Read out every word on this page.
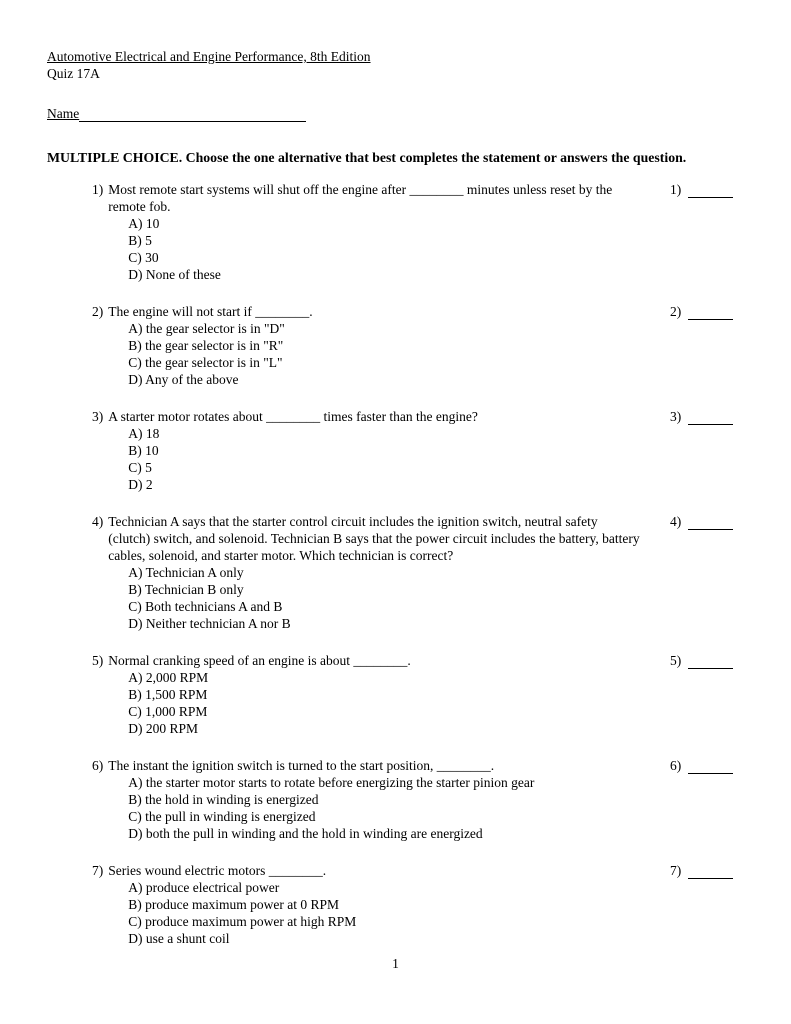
Automotive Electrical and Engine Performance, 8th Edition
Quiz 17A
Name
MULTIPLE CHOICE. Choose the one alternative that best completes the statement or answers the question.
1) Most remote start systems will shut off the engine after ________ minutes unless reset by the remote fob.
A) 10
B) 5
C) 30
D) None of these
1)
2) The engine will not start if ________.
A) the gear selector is in "D"
B) the gear selector is in "R"
C) the gear selector is in "L"
D) Any of the above
2)
3) A starter motor rotates about ________ times faster than the engine?
A) 18
B) 10
C) 5
D) 2
3)
4) Technician A says that the starter control circuit includes the ignition switch, neutral safety (clutch) switch, and solenoid. Technician B says that the power circuit includes the battery, battery cables, solenoid, and starter motor. Which technician is correct?
A) Technician A only
B) Technician B only
C) Both technicians A and B
D) Neither technician A nor B
4)
5) Normal cranking speed of an engine is about ________.
A) 2,000 RPM
B) 1,500 RPM
C) 1,000 RPM
D) 200 RPM
5)
6) The instant the ignition switch is turned to the start position, ________.
A) the starter motor starts to rotate before energizing the starter pinion gear
B) the hold in winding is energized
C) the pull in winding is energized
D) both the pull in winding and the hold in winding are energized
6)
7) Series wound electric motors ________.
A) produce electrical power
B) produce maximum power at 0 RPM
C) produce maximum power at high RPM
D) use a shunt coil
7)
1
